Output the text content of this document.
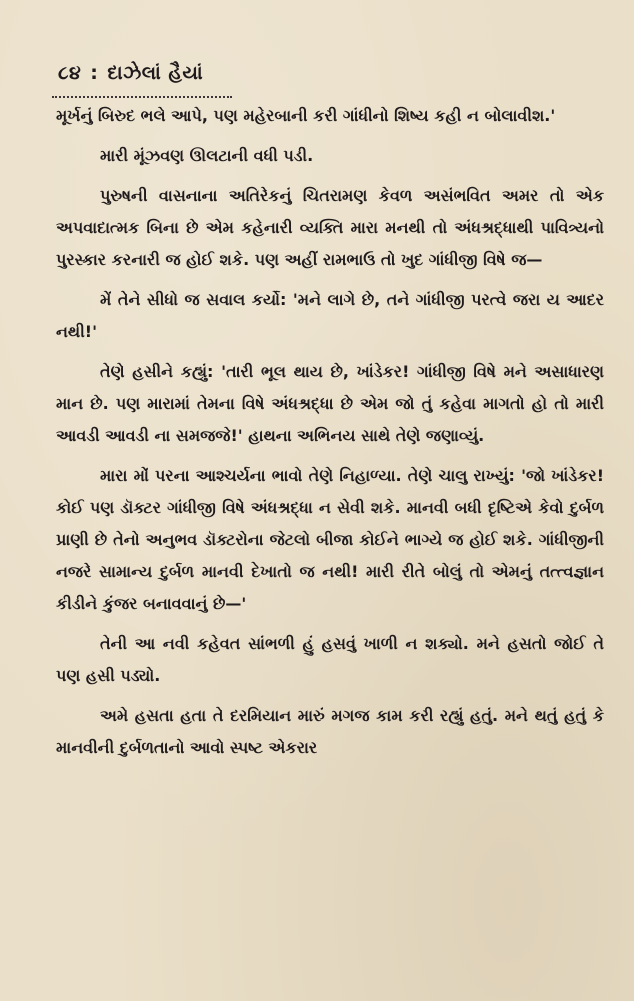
૮૪ : દાઝેલાં હૈયાં

મૂર્ખનું બિરુદ ભલે આપે, પણ મહેરબાની કરી ગાંધીનો શિષ્ય કહી ન બોલાવીશ.'

મારી મૂંઝવણ ઊલટાની વધી પડી.

પુરુષની વાસનાના અતિરેકનું ચિતરામણ કેવળ અસંભવિત અમર તો એક અપવાદાત્મક બિના છે એમ કહેનારી વ્યક્તિ મારા મનથી તો અંધશ્રદ્ધાથી પાવિત્ર્યનો પુરસ્કાર કરનારી જ હોઈ શકે. પણ અહીં રામભાઉ તો ખુદ ગાંધીજી વિષે જ—

મેં તેને સીધો જ સવાલ કર્યો: 'મને લાગે છે, તને ગાંધીજી પરત્વે જરા ય આદર નથી!'

તેણે હસીને કહ્યું: 'તારી ભૂલ થાય છે, ખાંડેકર! ગાંધીજી વિષે મને અસાધારણ માન છે. પણ મારામાં તેમના વિષે અંધશ્રદ્ધા છે એમ જો તું કહેવા માગતો હો તો મારી આવડી આવડી ના સમજજે!' હાથના અભિનય સાથે તેણે જણાવ્યું.

મારા મોં પરના આશ્ચર્યના ભાવો તેણે નિહાળ્યા. તેણે ચાલુ રાખ્યું: 'જો ખાંડેકર! કોઈ પણ ડૉક્ટર ગાંધીજી વિષે અંધશ્રદ્ધા ન સેવી શકે. માનવી બધી દૃષ્ટિએ કેવો દુર્બળ પ્રાણી છે તેનો અનુભવ ડૉક્ટરોના જેટલો બીજા કોઈને ભાગ્યે જ હોઈ શકે. ગાંધીજીની નજરે સામાન્ય દુર્બળ માનવી દેખાતો જ નથી! મારી રીતે બોલું તો એમનું તત્ત્વજ્ઞાન કીડીને કુંજર બનાવવાનું છે—'

તેની આ નવી કહેવત સાંભળી હું હસવું ખાળી ન શક્યો. મને હસતો જોઈ તે પણ હસી પડ્યો.

અમે હસતા હતા તે દરમિયાન મારું મગજ કામ કરી રહ્યું હતું. મને થતું હતું કે માનવીની દુર્બળતાનો આવો સ્પષ્ટ એકરાર
